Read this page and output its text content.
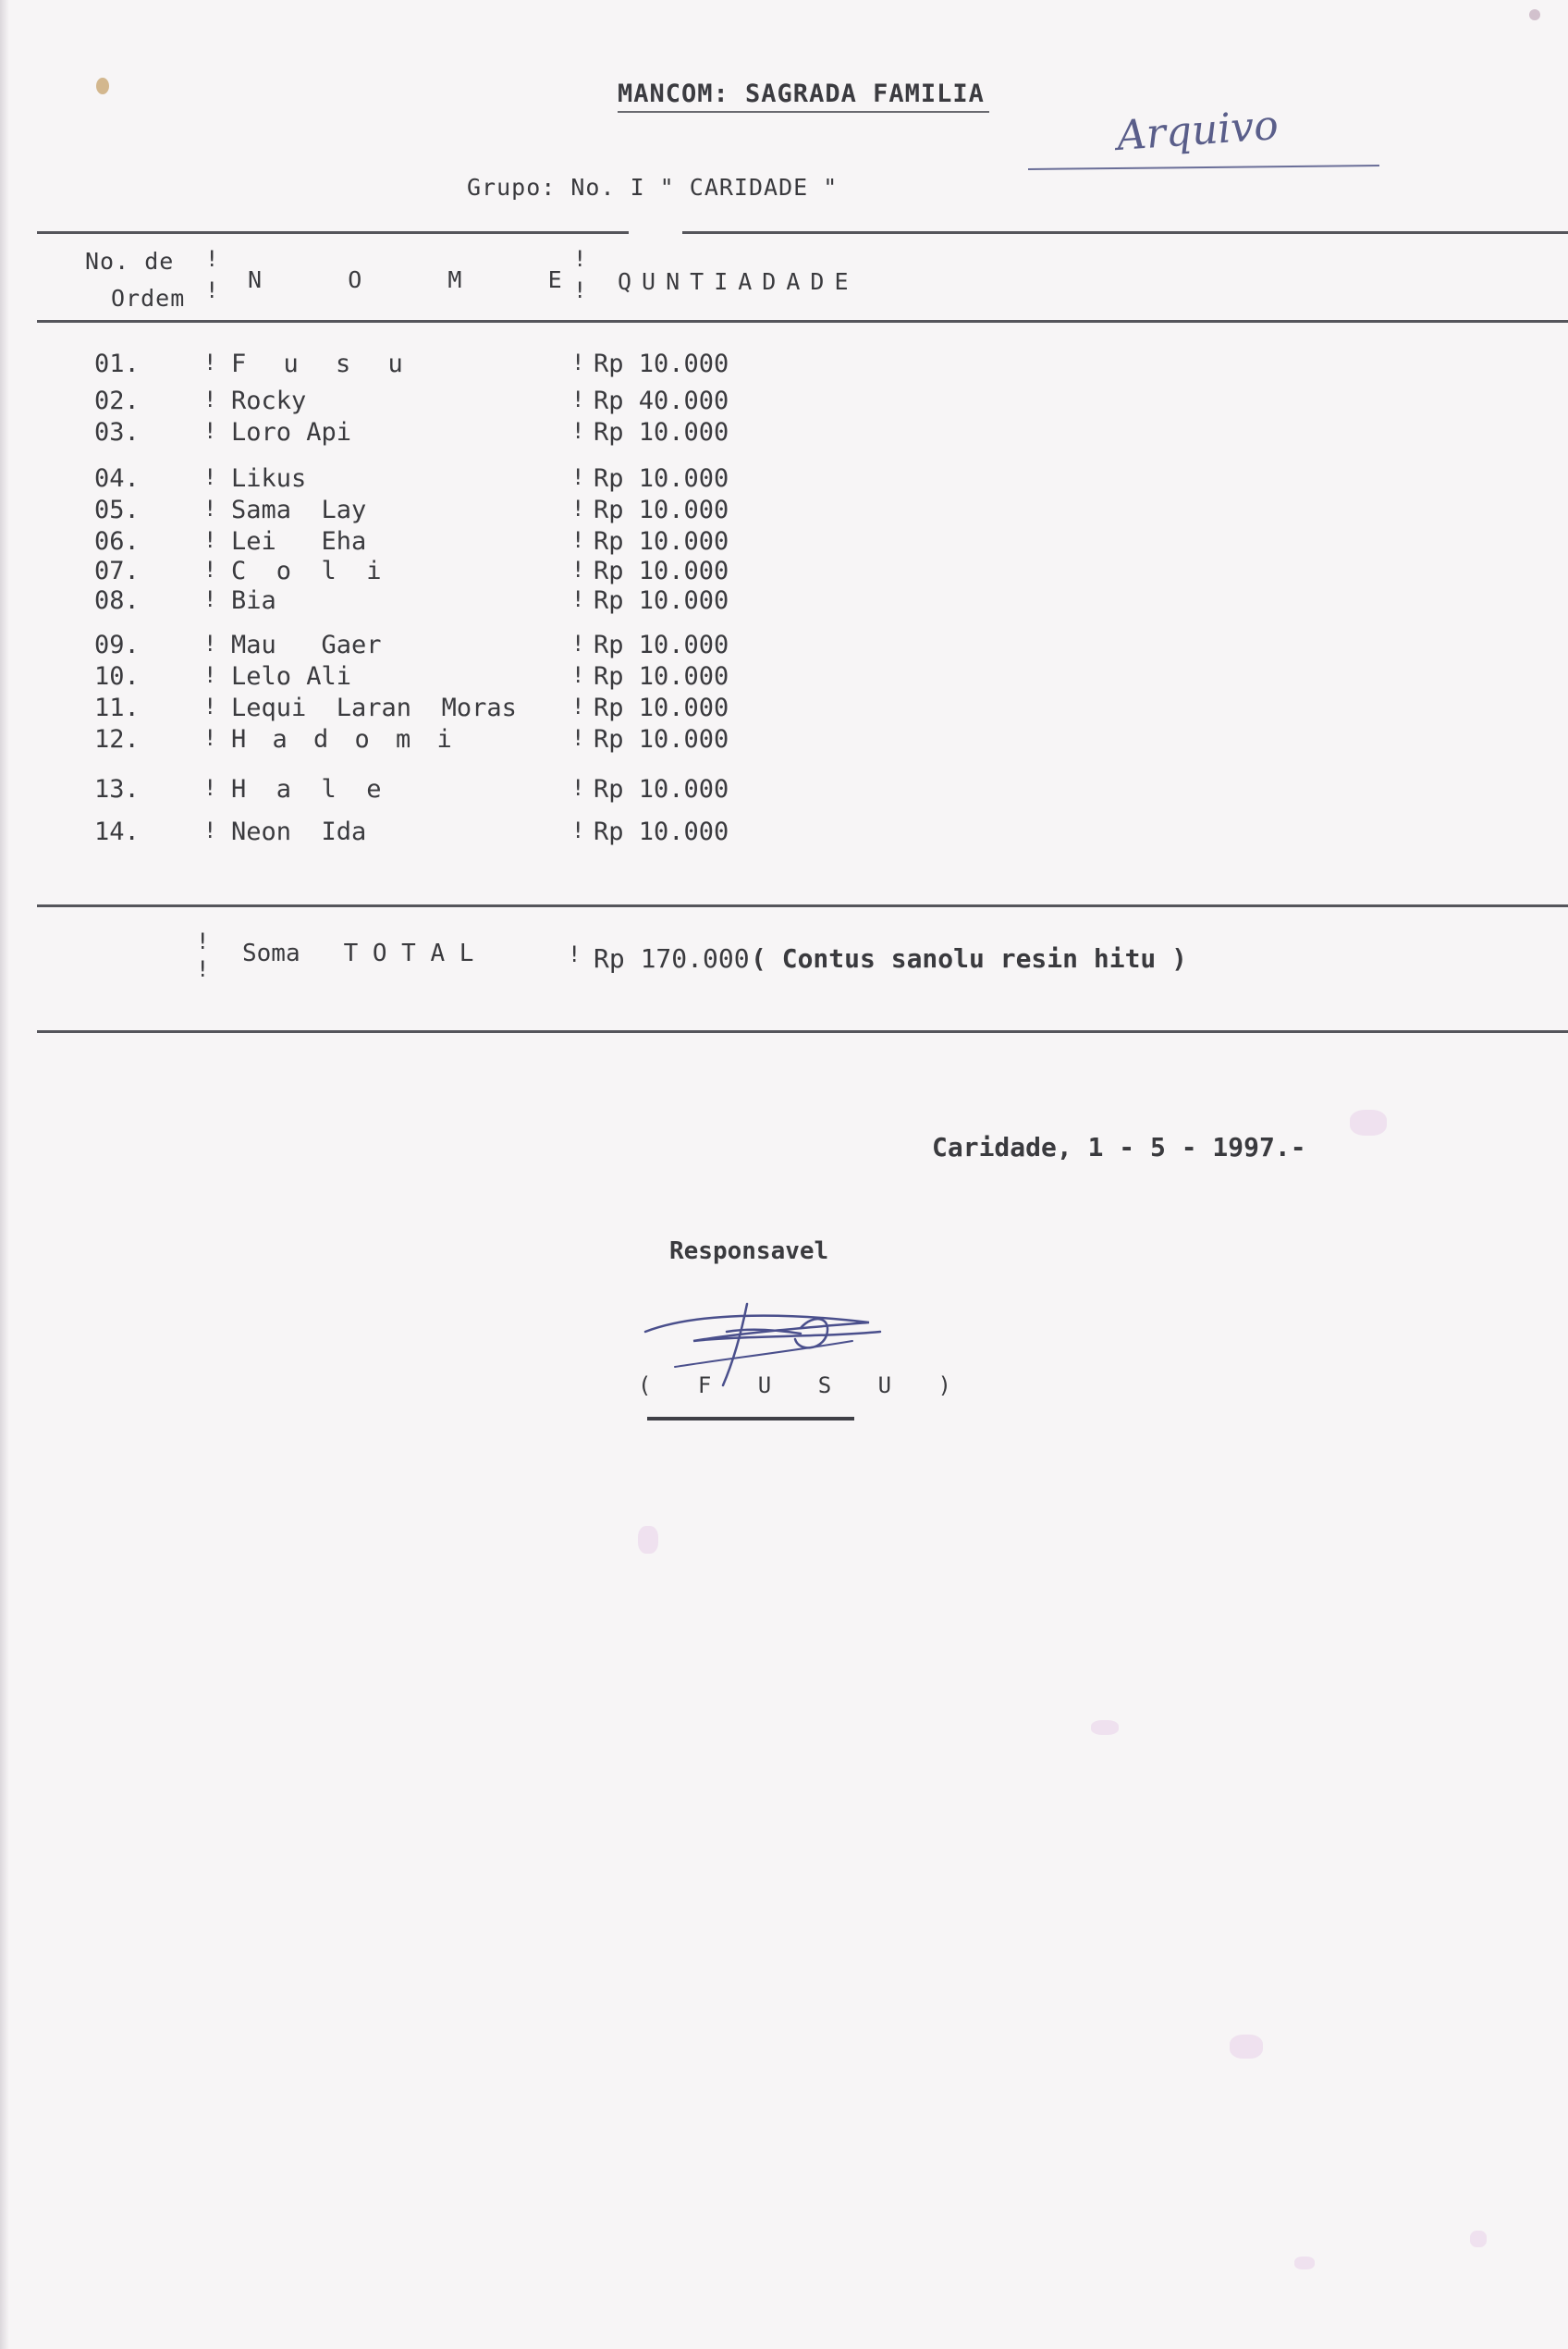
MANCOM: SAGRADA FAMILIA
Arquivo
Grupo: No. I " CARIDADE "
No. de
Ordem
!
! N   O   M   E
!
! QUNTIADADE
01.	! F u s u	! Rp 10.000
02.	! Rocky	! Rp 40.000
03.	! Loro Api	! Rp 10.000
04.	! Likus	! Rp 10.000
05.	! Sama  Lay	! Rp 10.000
06.	! Lei   Eha	! Rp 10.000
07.	! C  o  l  i	! Rp 10.000
08.	! Bia	! Rp 10.000
09.	! Mau   Gaer	! Rp 10.000
10.	! Lelo Ali	! Rp 10.000
11.	! Lequi  Laran  Moras ! Rp 10.000
12.	! H a d o m i	! Rp 10.000
13.	! H  a  l  e	! Rp 10.000
14.	! Neon  Ida	! Rp 10.000
!
!
Soma   T O T A L	! Rp 170.000 ( Contus sanolu resin hitu )
Caridade, 1 - 5 - 1997.-
Responsavel
( F U S U )
